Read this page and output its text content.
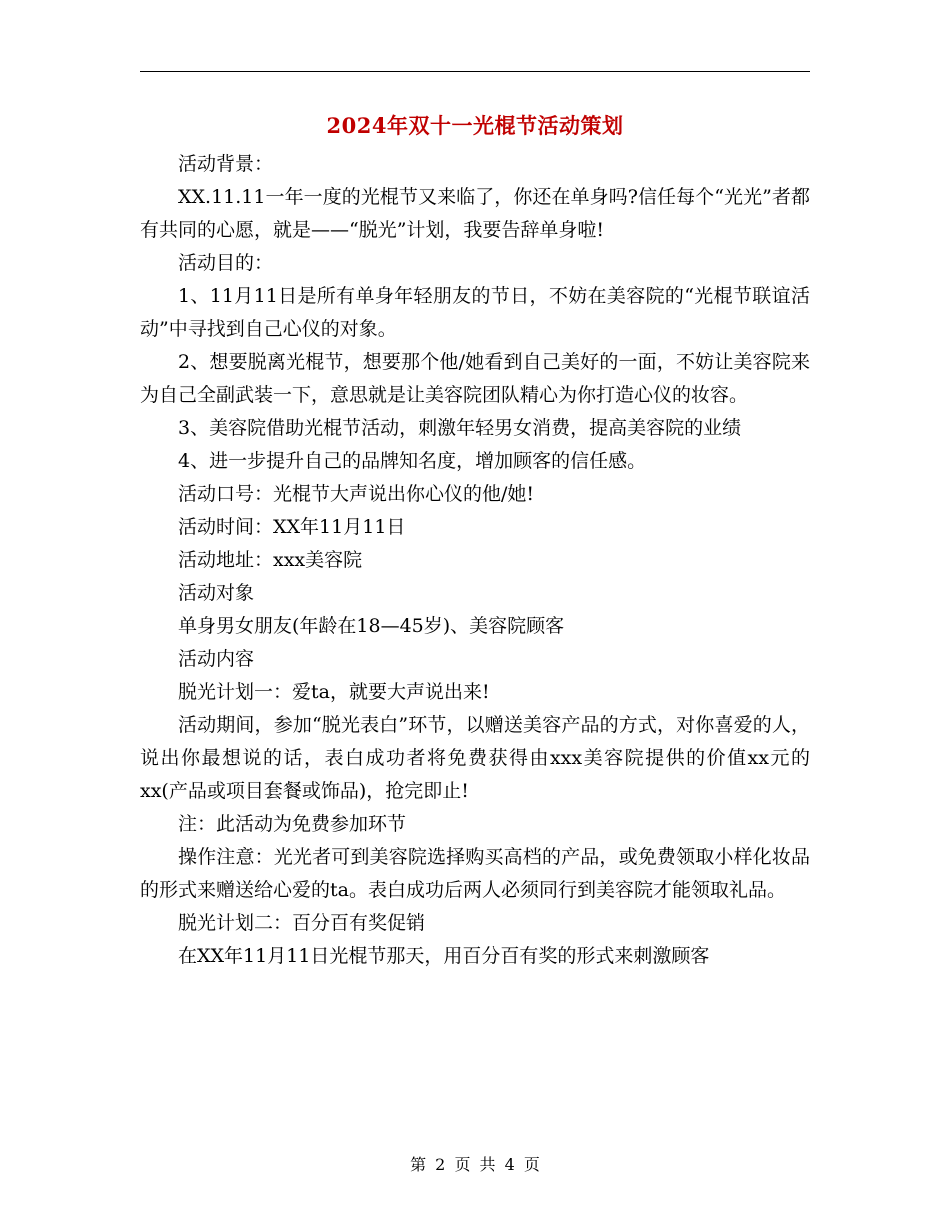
2024年双十一光棍节活动策划

活动背景：

XX.11.11一年一度的光棍节又来临了，你还在单身吗?信任每个“光光”者都有共同的心愿，就是——“脱光”计划，我要告辞单身啦!

活动目的：

1、11月11日是所有单身年轻朋友的节日，不妨在美容院的“光棍节联谊活动”中寻找到自己心仪的对象。

2、想要脱离光棍节，想要那个他/她看到自己美好的一面，不妨让美容院来为自己全副武装一下，意思就是让美容院团队精心为你打造心仪的妆容。

3、美容院借助光棍节活动，刺激年轻男女消费，提高美容院的业绩

4、进一步提升自己的品牌知名度，增加顾客的信任感。

活动口号：光棍节大声说出你心仪的他/她!

活动时间：XX年11月11日

活动地址：xxx美容院

活动对象

单身男女朋友(年龄在18—45岁)、美容院顾客

活动内容

脱光计划一：爱ta，就要大声说出来!

活动期间，参加“脱光表白”环节，以赠送美容产品的方式，对你喜爱的人，说出你最想说的话，表白成功者将免费获得由xxx美容院提供的价值xx元的xx(产品或项目套餐或饰品)，抢完即止!

注：此活动为免费参加环节

操作注意：光光者可到美容院选择购买高档的产品，或免费领取小样化妆品的形式来赠送给心爱的ta。表白成功后两人必须同行到美容院才能领取礼品。

脱光计划二：百分百有奖促销

在XX年11月11日光棍节那天，用百分百有奖的形式来刺激顾客

第 2 页 共 4 页
